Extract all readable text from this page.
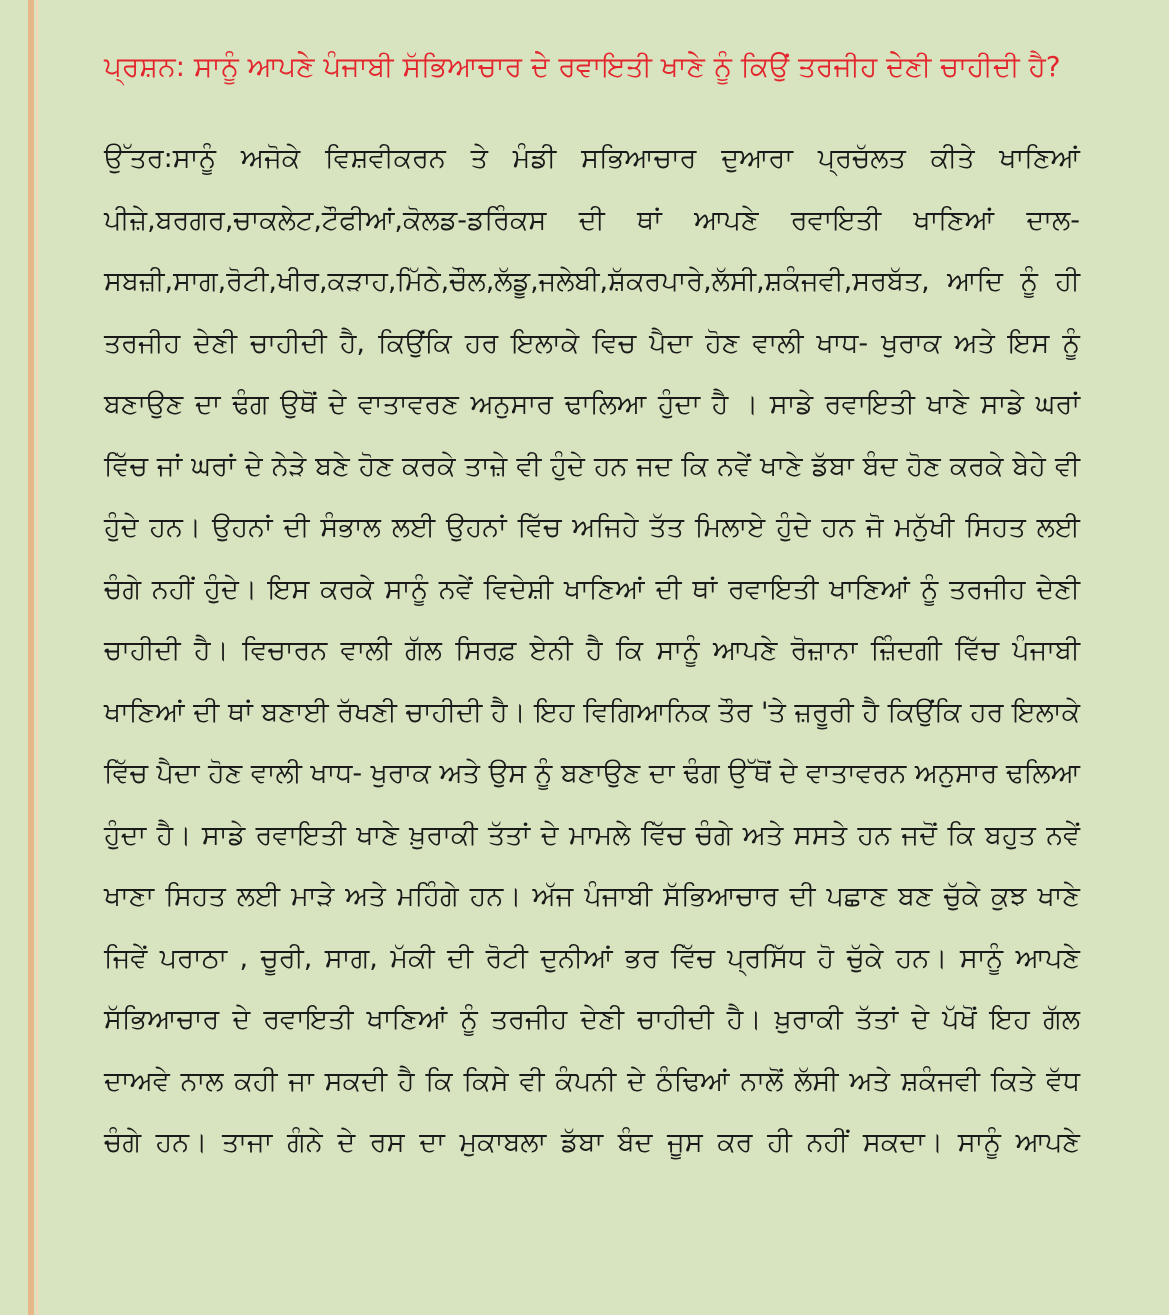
ਪ੍ਰਸ਼ਨ: ਸਾਨੂੰ ਆਪਣੇ ਪੰਜਾਬੀ ਸੱਭਿਆਚਾਰ ਦੇ ਰਵਾਇਤੀ ਖਾਣੇ ਨੂੰ ਕਿਉਂ ਤਰਜੀਹ ਦੇਣੀ ਚਾਹੀਦੀ ਹੈ?

ਉੱਤਰ:ਸਾਨੂੰ ਅਜੋਕੇ ਵਿਸ਼ਵੀਕਰਨ ਤੇ ਮੰਡੀ ਸਭਿਆਚਾਰ ਦੁਆਰਾ ਪ੍ਰਚੱਲਤ ਕੀਤੇ ਖਾਣਿਆਂ ਪੀਜ਼ੇ,ਬਰਗਰ,ਚਾਕਲੇਟ,ਟੌਫੀਆਂ,ਕੋਲਡ-ਡਰਿੰਕਸ ਦੀ ਥਾਂ ਆਪਣੇ ਰਵਾਇਤੀ ਖਾਣਿਆਂ ਦਾਲ-ਸਬਜ਼ੀ,ਸਾਗ,ਰੋਟੀ,ਖੀਰ,ਕੜਾਹ,ਮਿੱਠੇ,ਚੌਲ,ਲੱਡੂ,ਜਲੇਬੀ,ਸ਼ੱਕਰਪਾਰੇ,ਲੱਸੀ,ਸ਼ਕੰਜਵੀ,ਸਰਬੱਤ, ਆਦਿ ਨੂੰ ਹੀ ਤਰਜੀਹ ਦੇਣੀ ਚਾਹੀਦੀ ਹੈ, ਕਿਉਂਕਿ ਹਰ ਇਲਾਕੇ ਵਿਚ ਪੈਦਾ ਹੋਣ ਵਾਲੀ ਖਾਧ- ਖੁਰਾਕ ਅਤੇ ਇਸ ਨੂੰ ਬਣਾਉਣ ਦਾ ਢੰਗ ਉਥੋਂ ਦੇ ਵਾਤਾਵਰਣ ਅਨੁਸਾਰ ਢਾਲਿਆ ਹੁੰਦਾ ਹੈ । ਸਾਡੇ ਰਵਾਇਤੀ ਖਾਣੇ ਸਾਡੇ ਘਰਾਂ ਵਿੱਚ ਜਾਂ ਘਰਾਂ ਦੇ ਨੇੜੇ ਬਣੇ ਹੋਣ ਕਰਕੇ ਤਾਜ਼ੇ ਵੀ ਹੁੰਦੇ ਹਨ ਜਦ ਕਿ ਨਵੇਂ ਖਾਣੇ ਡੱਬਾ ਬੰਦ ਹੋਣ ਕਰਕੇ ਬੇਹੇ ਵੀ ਹੁੰਦੇ ਹਨ। ਉਹਨਾਂ ਦੀ ਸੰਭਾਲ ਲਈ ਉਹਨਾਂ ਵਿੱਚ ਅਜਿਹੇ ਤੱਤ ਮਿਲਾਏ ਹੁੰਦੇ ਹਨ ਜੋ ਮਨੁੱਖੀ ਸਿਹਤ ਲਈ ਚੰਗੇ ਨਹੀਂ ਹੁੰਦੇ। ਇਸ ਕਰਕੇ ਸਾਨੂੰ ਨਵੇਂ ਵਿਦੇਸ਼ੀ ਖਾਣਿਆਂ ਦੀ ਥਾਂ ਰਵਾਇਤੀ ਖਾਣਿਆਂ ਨੂੰ ਤਰਜੀਹ ਦੇਣੀ ਚਾਹੀਦੀ ਹੈ। ਵਿਚਾਰਨ ਵਾਲੀ ਗੱਲ ਸਿਰਫ਼ ਏਨੀ ਹੈ ਕਿ ਸਾਨੂੰ ਆਪਣੇ ਰੋਜ਼ਾਨਾ ਜ਼ਿੰਦਗੀ ਵਿੱਚ ਪੰਜਾਬੀ ਖਾਣਿਆਂ ਦੀ ਥਾਂ ਬਣਾਈ ਰੱਖਣੀ ਚਾਹੀਦੀ ਹੈ। ਇਹ ਵਿਗਿਆਨਿਕ ਤੌਰ 'ਤੇ ਜ਼ਰੂਰੀ ਹੈ ਕਿਉਂਕਿ ਹਰ ਇਲਾਕੇ ਵਿੱਚ ਪੈਦਾ ਹੋਣ ਵਾਲੀ ਖਾਧ- ਖੁਰਾਕ ਅਤੇ ਉਸ ਨੂੰ ਬਣਾਉਣ ਦਾ ਢੰਗ ਉੱਥੋਂ ਦੇ ਵਾਤਾਵਰਨ ਅਨੁਸਾਰ ਢਲਿਆ ਹੁੰਦਾ ਹੈ। ਸਾਡੇ ਰਵਾਇਤੀ ਖਾਣੇ ਖ਼ੁਰਾਕੀ ਤੱਤਾਂ ਦੇ ਮਾਮਲੇ ਵਿੱਚ ਚੰਗੇ ਅਤੇ ਸਸਤੇ ਹਨ ਜਦੋਂ ਕਿ ਬਹੁਤ ਨਵੇਂ ਖਾਣਾ ਸਿਹਤ ਲਈ ਮਾੜੇ ਅਤੇ ਮਹਿੰਗੇ ਹਨ। ਅੱਜ ਪੰਜਾਬੀ ਸੱਭਿਆਚਾਰ ਦੀ ਪਛਾਣ ਬਣ ਚੁੱਕੇ ਕੁਝ ਖਾਣੇ ਜਿਵੇਂ ਪਰਾਠਾ , ਚੂਰੀ, ਸਾਗ, ਮੱਕੀ ਦੀ ਰੋਟੀ ਦੁਨੀਆਂ ਭਰ ਵਿੱਚ ਪ੍ਰਸਿੱਧ ਹੋ ਚੁੱਕੇ ਹਨ। ਸਾਨੂੰ ਆਪਣੇ ਸੱਭਿਆਚਾਰ ਦੇ ਰਵਾਇਤੀ ਖਾਣਿਆਂ ਨੂੰ ਤਰਜੀਹ ਦੇਣੀ ਚਾਹੀਦੀ ਹੈ। ਖ਼ੁਰਾਕੀ ਤੱਤਾਂ ਦੇ ਪੱਖੋਂ ਇਹ ਗੱਲ ਦਾਅਵੇ ਨਾਲ ਕਹੀ ਜਾ ਸਕਦੀ ਹੈ ਕਿ ਕਿਸੇ ਵੀ ਕੰਪਨੀ ਦੇ ਠੰਢਿਆਂ ਨਾਲੋਂ ਲੱਸੀ ਅਤੇ ਸ਼ਕੰਜਵੀ ਕਿਤੇ ਵੱਧ ਚੰਗੇ ਹਨ। ਤਾਜਾ ਗੰਨੇ ਦੇ ਰਸ ਦਾ ਮੁਕਾਬਲਾ ਡੱਬਾ ਬੰਦ ਜੂਸ ਕਰ ਹੀ ਨਹੀਂ ਸਕਦਾ। ਸਾਨੂੰ ਆਪਣੇ
